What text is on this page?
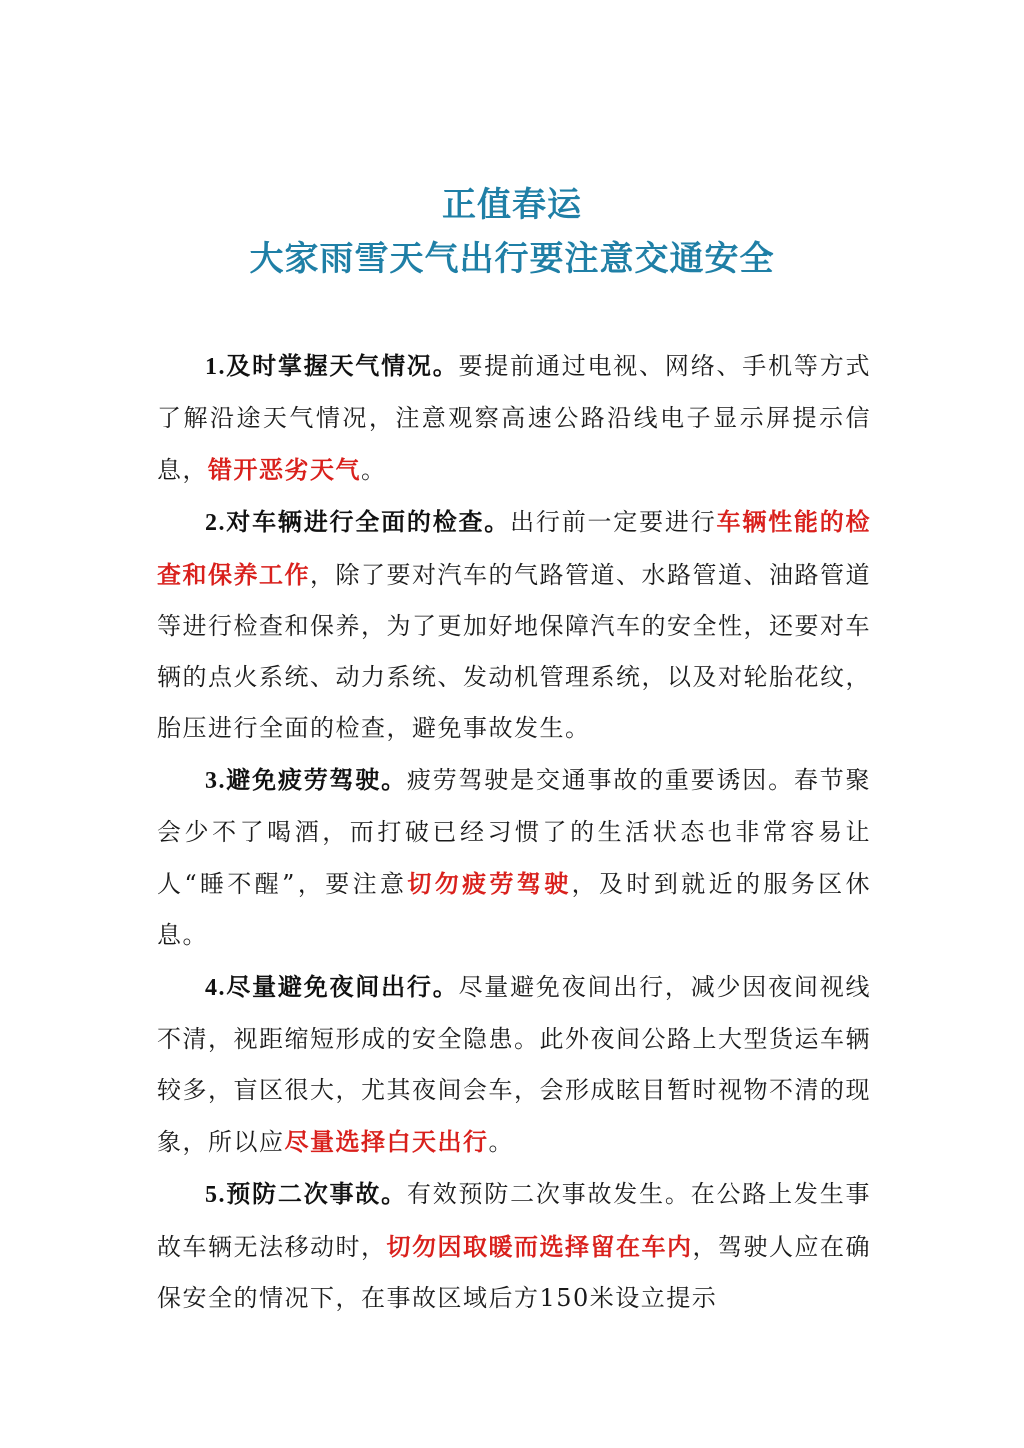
正值春运
大家雨雪天气出行要注意交通安全

1.及时掌握天气情况。要提前通过电视、网络、手机等方式了解沿途天气情况，注意观察高速公路沿线电子显示屏提示信息，错开恶劣天气。

2.对车辆进行全面的检查。出行前一定要进行车辆性能的检查和保养工作，除了要对汽车的气路管道、水路管道、油路管道等进行检查和保养，为了更加好地保障汽车的安全性，还要对车辆的点火系统、动力系统、发动机管理系统，以及对轮胎花纹，胎压进行全面的检查，避免事故发生。

3.避免疲劳驾驶。疲劳驾驶是交通事故的重要诱因。春节聚会少不了喝酒，而打破已经习惯了的生活状态也非常容易让人“睡不醒”，要注意切勿疲劳驾驶，及时到就近的服务区休息。

4.尽量避免夜间出行。尽量避免夜间出行，减少因夜间视线不清，视距缩短形成的安全隐患。此外夜间公路上大型货运车辆较多，盲区很大，尤其夜间会车，会形成眩目暂时视物不清的现象，所以应尽量选择白天出行。

5.预防二次事故。有效预防二次事故发生。在公路上发生事故车辆无法移动时，切勿因取暖而选择留在车内，驾驶人应在确保安全的情况下，在事故区域后方150米设立提示
